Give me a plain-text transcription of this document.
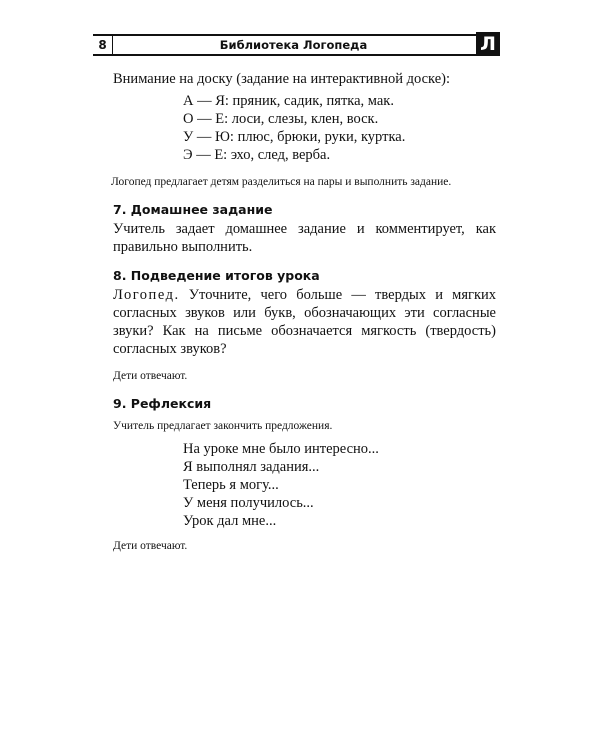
8	Библиотека Логопеда	Л

Внимание на доску (задание на интерактивной доске):

А — Я: пряник, садик, пятка, мак.
О — Е: лоси, слезы, клен, воск.
У — Ю: плюс, брюки, руки, куртка.
Э — Е: эхо, след, верба.

Логопед предлагает детям разделиться на пары и выполнить задание.

7. Домашнее задание

Учитель задает домашнее задание и комментирует, как правильно выполнить.

8. Подведение итогов урока

Логопед. Уточните, чего больше — твердых и мягких согласных звуков или букв, обозначающих эти согласные звуки? Как на письме обозначается мягкость (твердость) согласных звуков?

Дети отвечают.

9. Рефлексия

Учитель предлагает закончить предложения.

На уроке мне было интересно...
Я выполнял задания...
Теперь я могу...
У меня получилось...
Урок дал мне...

Дети отвечают.
